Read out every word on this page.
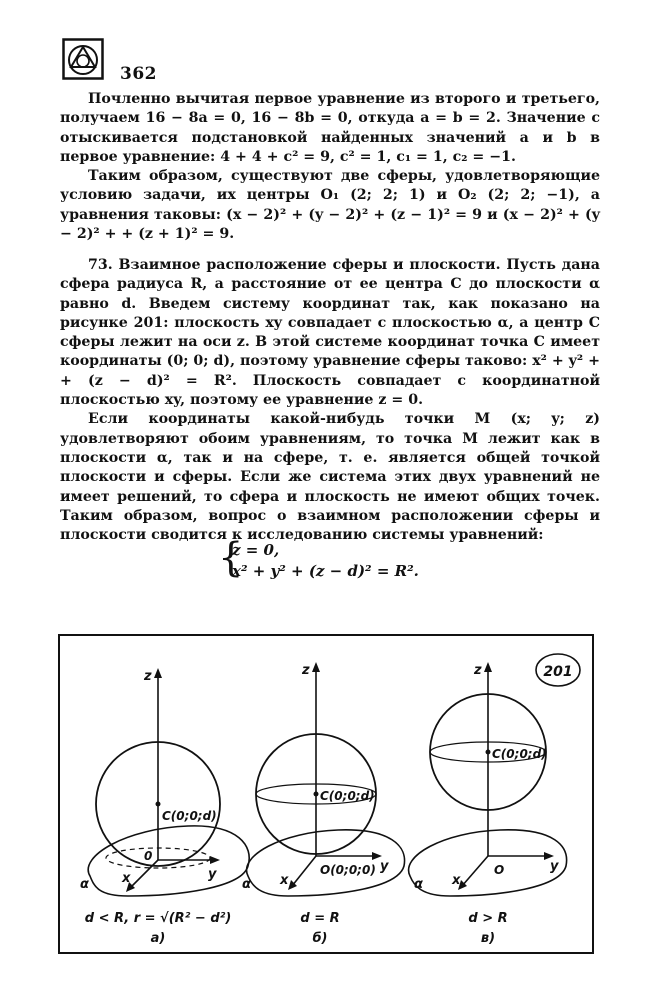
362

Почленно вычитая первое уравнение из второго и третьего, получаем 16 − 8a = 0, 16 − 8b = 0, откуда a = b = 2. Значение c отыскивается подстановкой найденных значений a и b в первое уравнение: 4 + 4 + c² = 9, c² = 1, c₁ = 1, c₂ = −1.

Таким образом, существуют две сферы, удовлетворяющие условию задачи, их центры O₁ (2; 2; 1) и O₂ (2; 2; −1), а уравнения таковы: (x − 2)² + (y − 2)² + (z − 1)² = 9 и (x − 2)² + (y − 2)² + + (z + 1)² = 9.

73. Взаимное расположение сферы и плоскости. Пусть дана сфера радиуса R, а расстояние от ее центра C до плоскости α равно d. Введем систему координат так, как показано на рисунке 201: плоскость xy совпадает с плоскостью α, а центр C сферы лежит на оси z. В этой системе координат точка C имеет координаты (0; 0; d), поэтому уравнение сферы таково: x² + y² + + (z − d)² = R². Плоскость совпадает с координатной плоскостью xy, поэтому ее уравнение z = 0.

Если координаты какой-нибудь точки M (x; y; z) удовлетворяют обоим уравнениям, то точка M лежит как в плоскости α, так и на сфере, т. е. является общей точкой плоскости и сферы. Если же система этих двух уравнений не имеет решений, то сфера и плоскость не имеют общих точек. Таким образом, вопрос о взаимном расположении сферы и плоскости сводится к исследованию системы уравнений:

{
z = 0,
x² + y² + (z − d)² = R².
201
z
C(0;0;d)
0
y
x
α
d < R, r = √(R² − d²)
а)
z
C(0;0;d)
O(0;0;0) y
x
α
d = R
б)
z
C(0;0;d)
O	y
x
α
d > R
в)
